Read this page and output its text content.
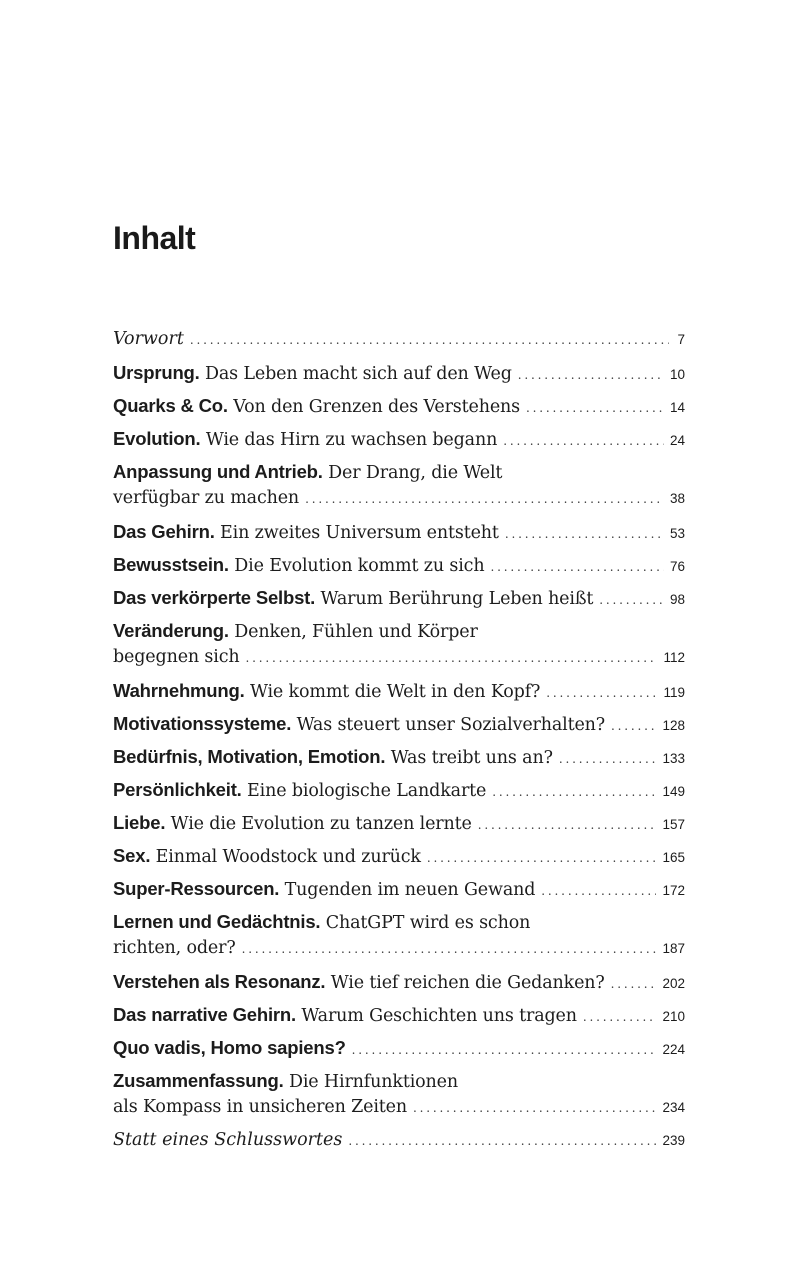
Inhalt
Vorwort . . .	7
Ursprung. Das Leben macht sich auf den Weg . . .	10
Quarks & Co. Von den Grenzen des Verstehens . . .	14
Evolution. Wie das Hirn zu wachsen begann . . .	24
Anpassung und Antrieb. Der Drang, die Welt
verfügbar zu machen . . .	38
Das Gehirn. Ein zweites Universum entsteht . . .	53
Bewusstsein. Die Evolution kommt zu sich . . .	76
Das verkörperte Selbst. Warum Berührung Leben heißt . . .	98
Veränderung. Denken, Fühlen und Körper
begegnen sich . . .	112
Wahrnehmung. Wie kommt die Welt in den Kopf? . . .	119
Motivationssysteme. Was steuert unser Sozialverhalten? . . .	128
Bedürfnis, Motivation, Emotion. Was treibt uns an? . . .	133
Persönlichkeit. Eine biologische Landkarte . . .	149
Liebe. Wie die Evolution zu tanzen lernte . . .	157
Sex. Einmal Woodstock und zurück . . .	165
Super-Ressourcen. Tugenden im neuen Gewand . . .	172
Lernen und Gedächtnis. ChatGPT wird es schon
richten, oder? . . .	187
Verstehen als Resonanz. Wie tief reichen die Gedanken? . . .	202
Das narrative Gehirn. Warum Geschichten uns tragen . . .	210
Quo vadis, Homo sapiens? . . .	224
Zusammenfassung. Die Hirnfunktionen
als Kompass in unsicheren Zeiten . . .	234
Statt eines Schlusswortes . . .	239
